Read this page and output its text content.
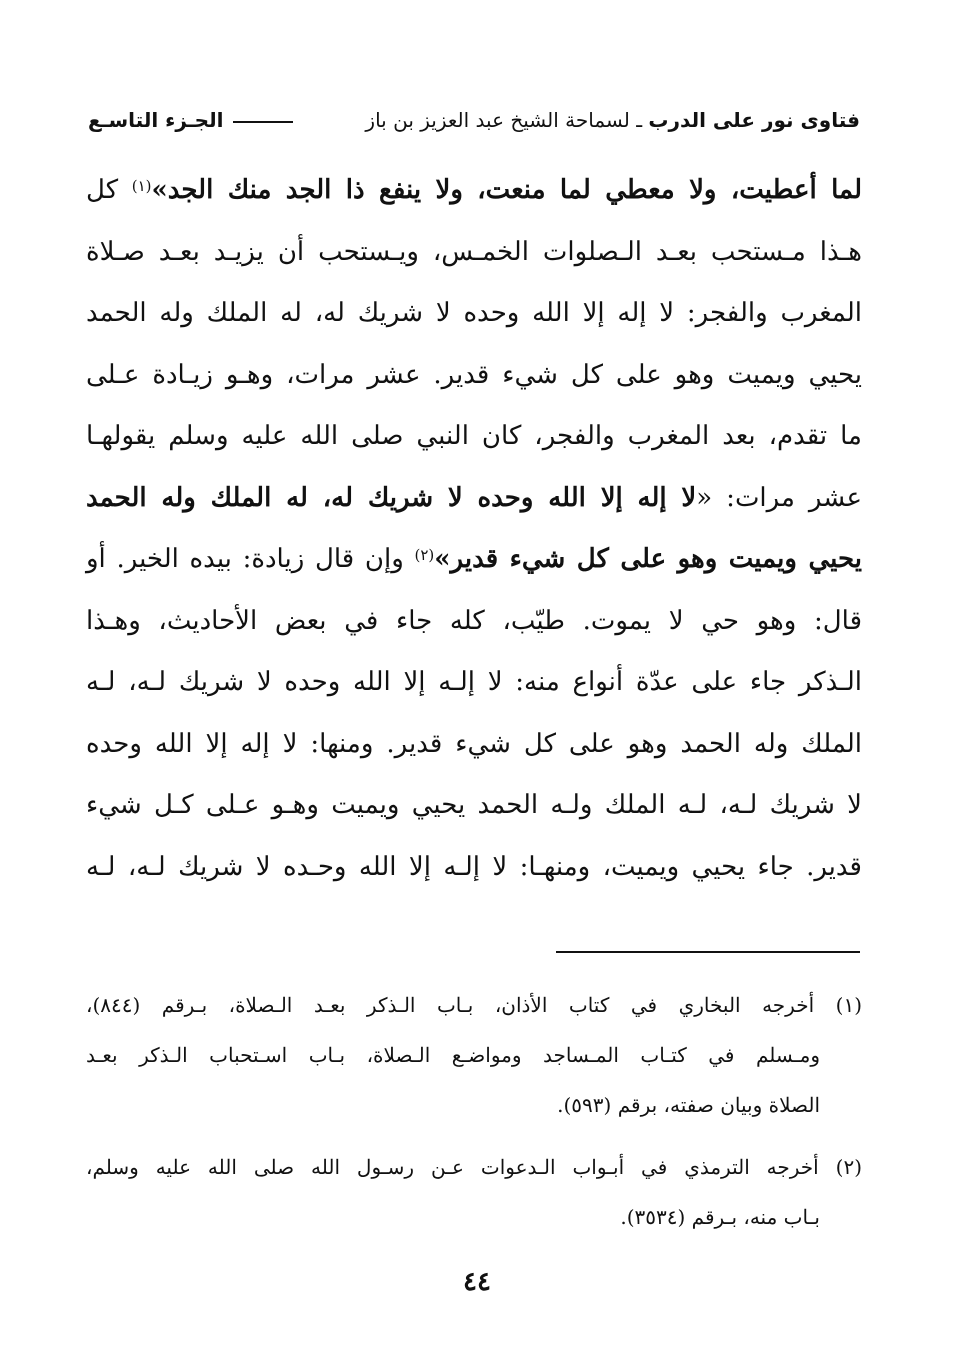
فتاوى نور على الدرب ـ لسماحة الشيخ عبد العزيز بن باز
الجـزء التاسـع
لما أعطيت، ولا معطي لما منعت، ولا ينفع ذا الجد منك الجد»$^{(١)}$ كل
هـذا مـستحب بعـد الـصلوات الخمـس، ويـستحب أن يزيـد بعـد صـلاة
المغرب والفجر: لا إله إلا الله وحده لا شريك له، له الملك وله الحمد
يحيي ويميت وهو على كل شيء قدير. عشر مرات، وهـو زيـادة عـلى
ما تقدم، بعد المغرب والفجر، كان النبي صلى الله عليه وسلم يقولهـا
عشر مرات: «لا إله إلا الله وحده لا شريك له، له الملك وله الحمد
يحيي ويميت وهو على كل شيء قدير»$^{(٢)}$ وإن قال زيادة: بيده الخير. أو
قال: وهو حي لا يموت. طيّب، كله جاء في بعض الأحاديث، وهـذا
الـذكر جاء على عدّة أنواع منه: لا إلـه إلا الله وحده لا شريك لـه، لـه
الملك وله الحمد وهو على كل شيء قدير. ومنها: لا إله إلا الله وحده
لا شريك لـه، لـه الملك ولـه الحمد يحيي ويميت وهـو عـلى كـل شيء
قدير. جاء يحيي ويميت، ومنهـا: لا إلـه إلا الله وحـده لا شريك لـه، لـه
(١) أخرجه البخاري في كتاب الأذان، بـاب الـذكر بعـد الـصلاة، بـرقم (٨٤٤)،
ومـسلم في كتـاب المـساجد ومواضـع الـصلاة، بـاب اسـتحباب الـذكر بعـد
الصلاة وبيان صفته، برقم (٥٩٣).
(٢) أخرجه الترمذي في أبـواب الـدعوات عـن رسـول الله صلى الله عليه وسلم،
بـاب منه، بـرقم (٣٥٣٤).
٤٤
